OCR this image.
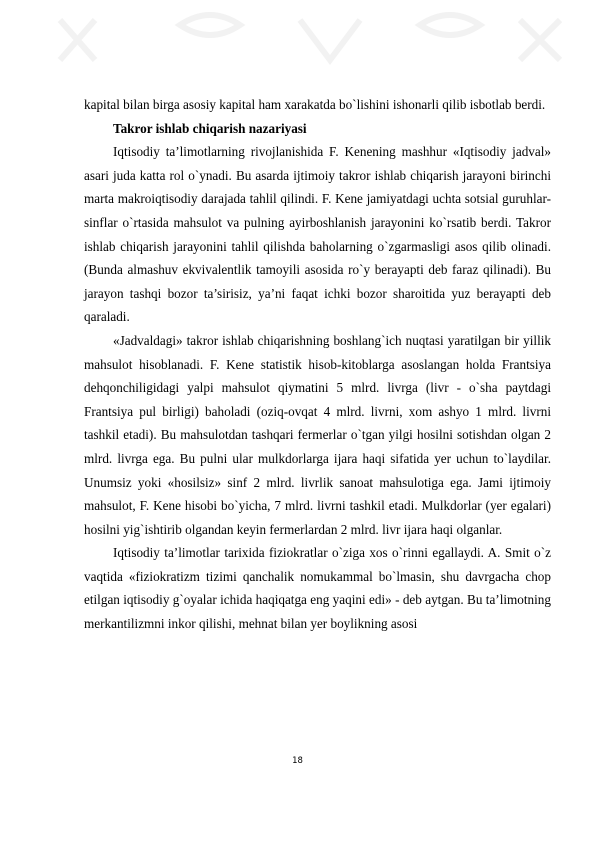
kapital bilan birga asosiy kapital ham xarakatda bo`lishini ishonarli qilib isbotlab berdi.

Takror ishlab chiqarish nazariyasi

Iqtisodiy ta’limotlarning rivojlanishida F. Kenening mashhur «Iqtisodiy jadval» asari juda katta rol o`ynadi. Bu asarda ijtimoiy takror ishlab chiqarish jarayoni birinchi marta makroiqtisodiy darajada tahlil qilindi. F. Kene jamiyatdagi uchta sotsial guruhlar-sinflar o`rtasida mahsulot va pulning ayirboshlanish jarayonini ko`rsatib berdi. Takror ishlab chiqarish jarayonini tahlil qilishda baholarning o`zgarmasligi asos qilib olinadi. (Bunda almashuv ekvivalentlik tamoyili asosida ro`y berayapti deb faraz qilinadi). Bu jarayon tashqi bozor ta’sirisiz, ya’ni faqat ichki bozor sharoitida yuz berayapti deb qaraladi.

«Jadvaldagi» takror ishlab chiqarishning boshlang`ich nuqtasi yaratilgan bir yillik mahsulot hisoblanadi. F. Kene statistik hisob-kitoblarga asoslangan holda Frantsiya dehqonchiligidagi yalpi mahsulot qiymatini 5 mlrd. livrga (livr - o`sha paytdagi Frantsiya pul birligi) baholadi (oziq-ovqat 4 mlrd. livrni, xom ashyo 1 mlrd. livrni tashkil etadi). Bu mahsulotdan tashqari fermerlar o`tgan yilgi hosilni sotishdan olgan 2 mlrd. livrga ega. Bu pulni ular mulkdorlarga ijara haqi sifatida yer uchun to`laydilar. Unumsiz yoki «hosilsiz» sinf 2 mlrd. livrlik sanoat mahsulotiga ega. Jami ijtimoiy mahsulot, F. Kene hisobi bo`yicha, 7 mlrd. livrni tashkil etadi. Mulkdorlar (yer egalari) hosilni yig`ishtirib olgandan keyin fermerlardan 2 mlrd. livr ijara haqi olganlar.

Iqtisodiy ta’limotlar tarixida fiziokratlar o`ziga xos o`rinni egallaydi. A. Smit o`z vaqtida «fiziokratizm tizimi qanchalik nomukammal bo`lmasin, shu davrgacha chop etilgan iqtisodiy g`oyalar ichida haqiqatga eng yaqini edi» - deb aytgan. Bu ta’limotning merkantilizmni inkor qilishi, mehnat bilan yer boylikning asosi

18
